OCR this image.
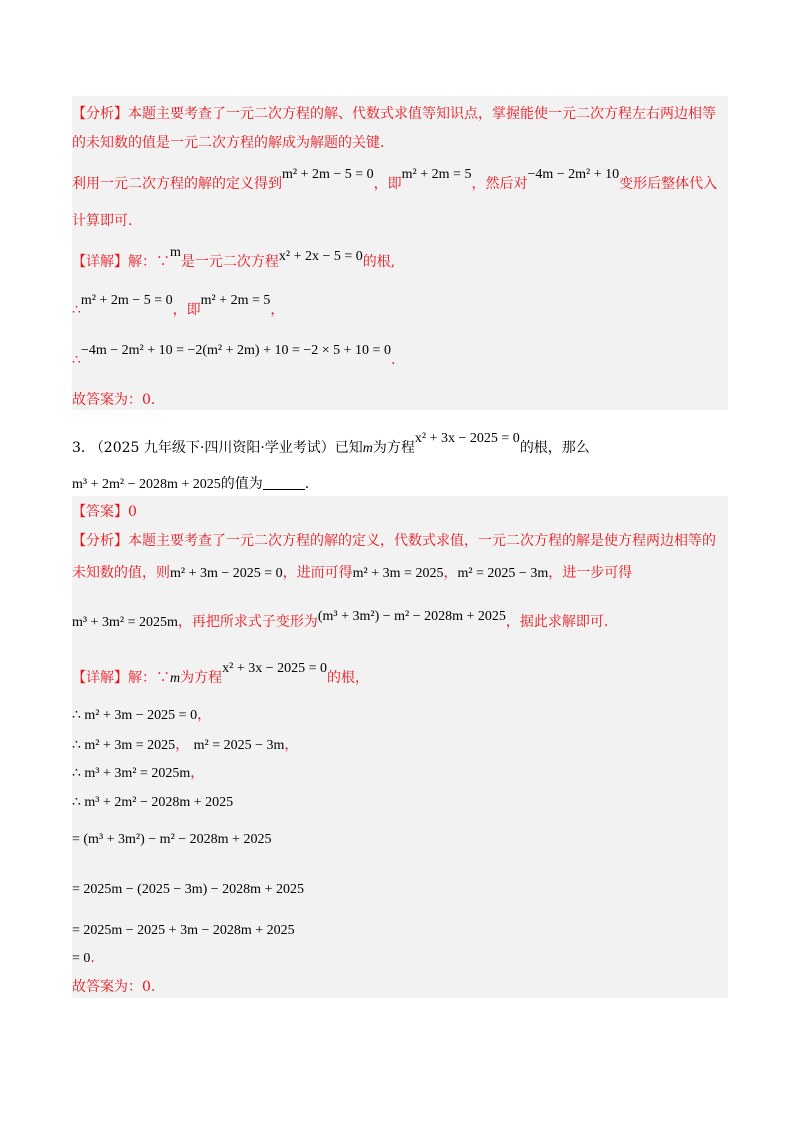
【分析】本题主要考查了一元二次方程的解、代数式求值等知识点，掌握能使一元二次方程左右两边相等
的未知数的值是一元二次方程的解成为解题的关键.
利用一元二次方程的解的定义得到m² + 2m − 5 = 0，即m² + 2m = 5，然后对−4m − 2m² + 10变形后整体代入
计算即可.
【详解】解：∵m是一元二次方程x² + 2x − 5 = 0的根,
∴m² + 2m − 5 = 0，即m² + 2m = 5，
∴−4m − 2m² + 10 = −2(m² + 2m) + 10 = −2 × 5 + 10 = 0.
故答案为：0.
3. （2025 九年级下·四川资阳·学业考试）已知m为方程x² + 3x − 2025 = 0的根，那么
m³ + 2m² − 2028m + 2025的值为	.
【答案】0
【分析】本题主要考查了一元二次方程的解的定义，代数式求值，一元二次方程的解是使方程两边相等的
未知数的值，则m² + 3m − 2025 = 0，进而可得m² + 3m = 2025，m² = 2025 − 3m，进一步可得
m³ + 3m² = 2025m，再把所求式子变形为(m³ + 3m²) − m² − 2028m + 2025，据此求解即可.
【详解】解：∵m为方程x² + 3x − 2025 = 0的根，
∴ m² + 3m − 2025 = 0，
∴ m² + 3m = 2025， m² = 2025 − 3m，
∴ m³ + 3m² = 2025m，
∴ m³ + 2m² − 2028m + 2025
= (m³ + 3m²) − m² − 2028m + 2025
= 2025m − (2025 − 3m) − 2028m + 2025
= 2025m − 2025 + 3m − 2028m + 2025
= 0.
故答案为：0.
